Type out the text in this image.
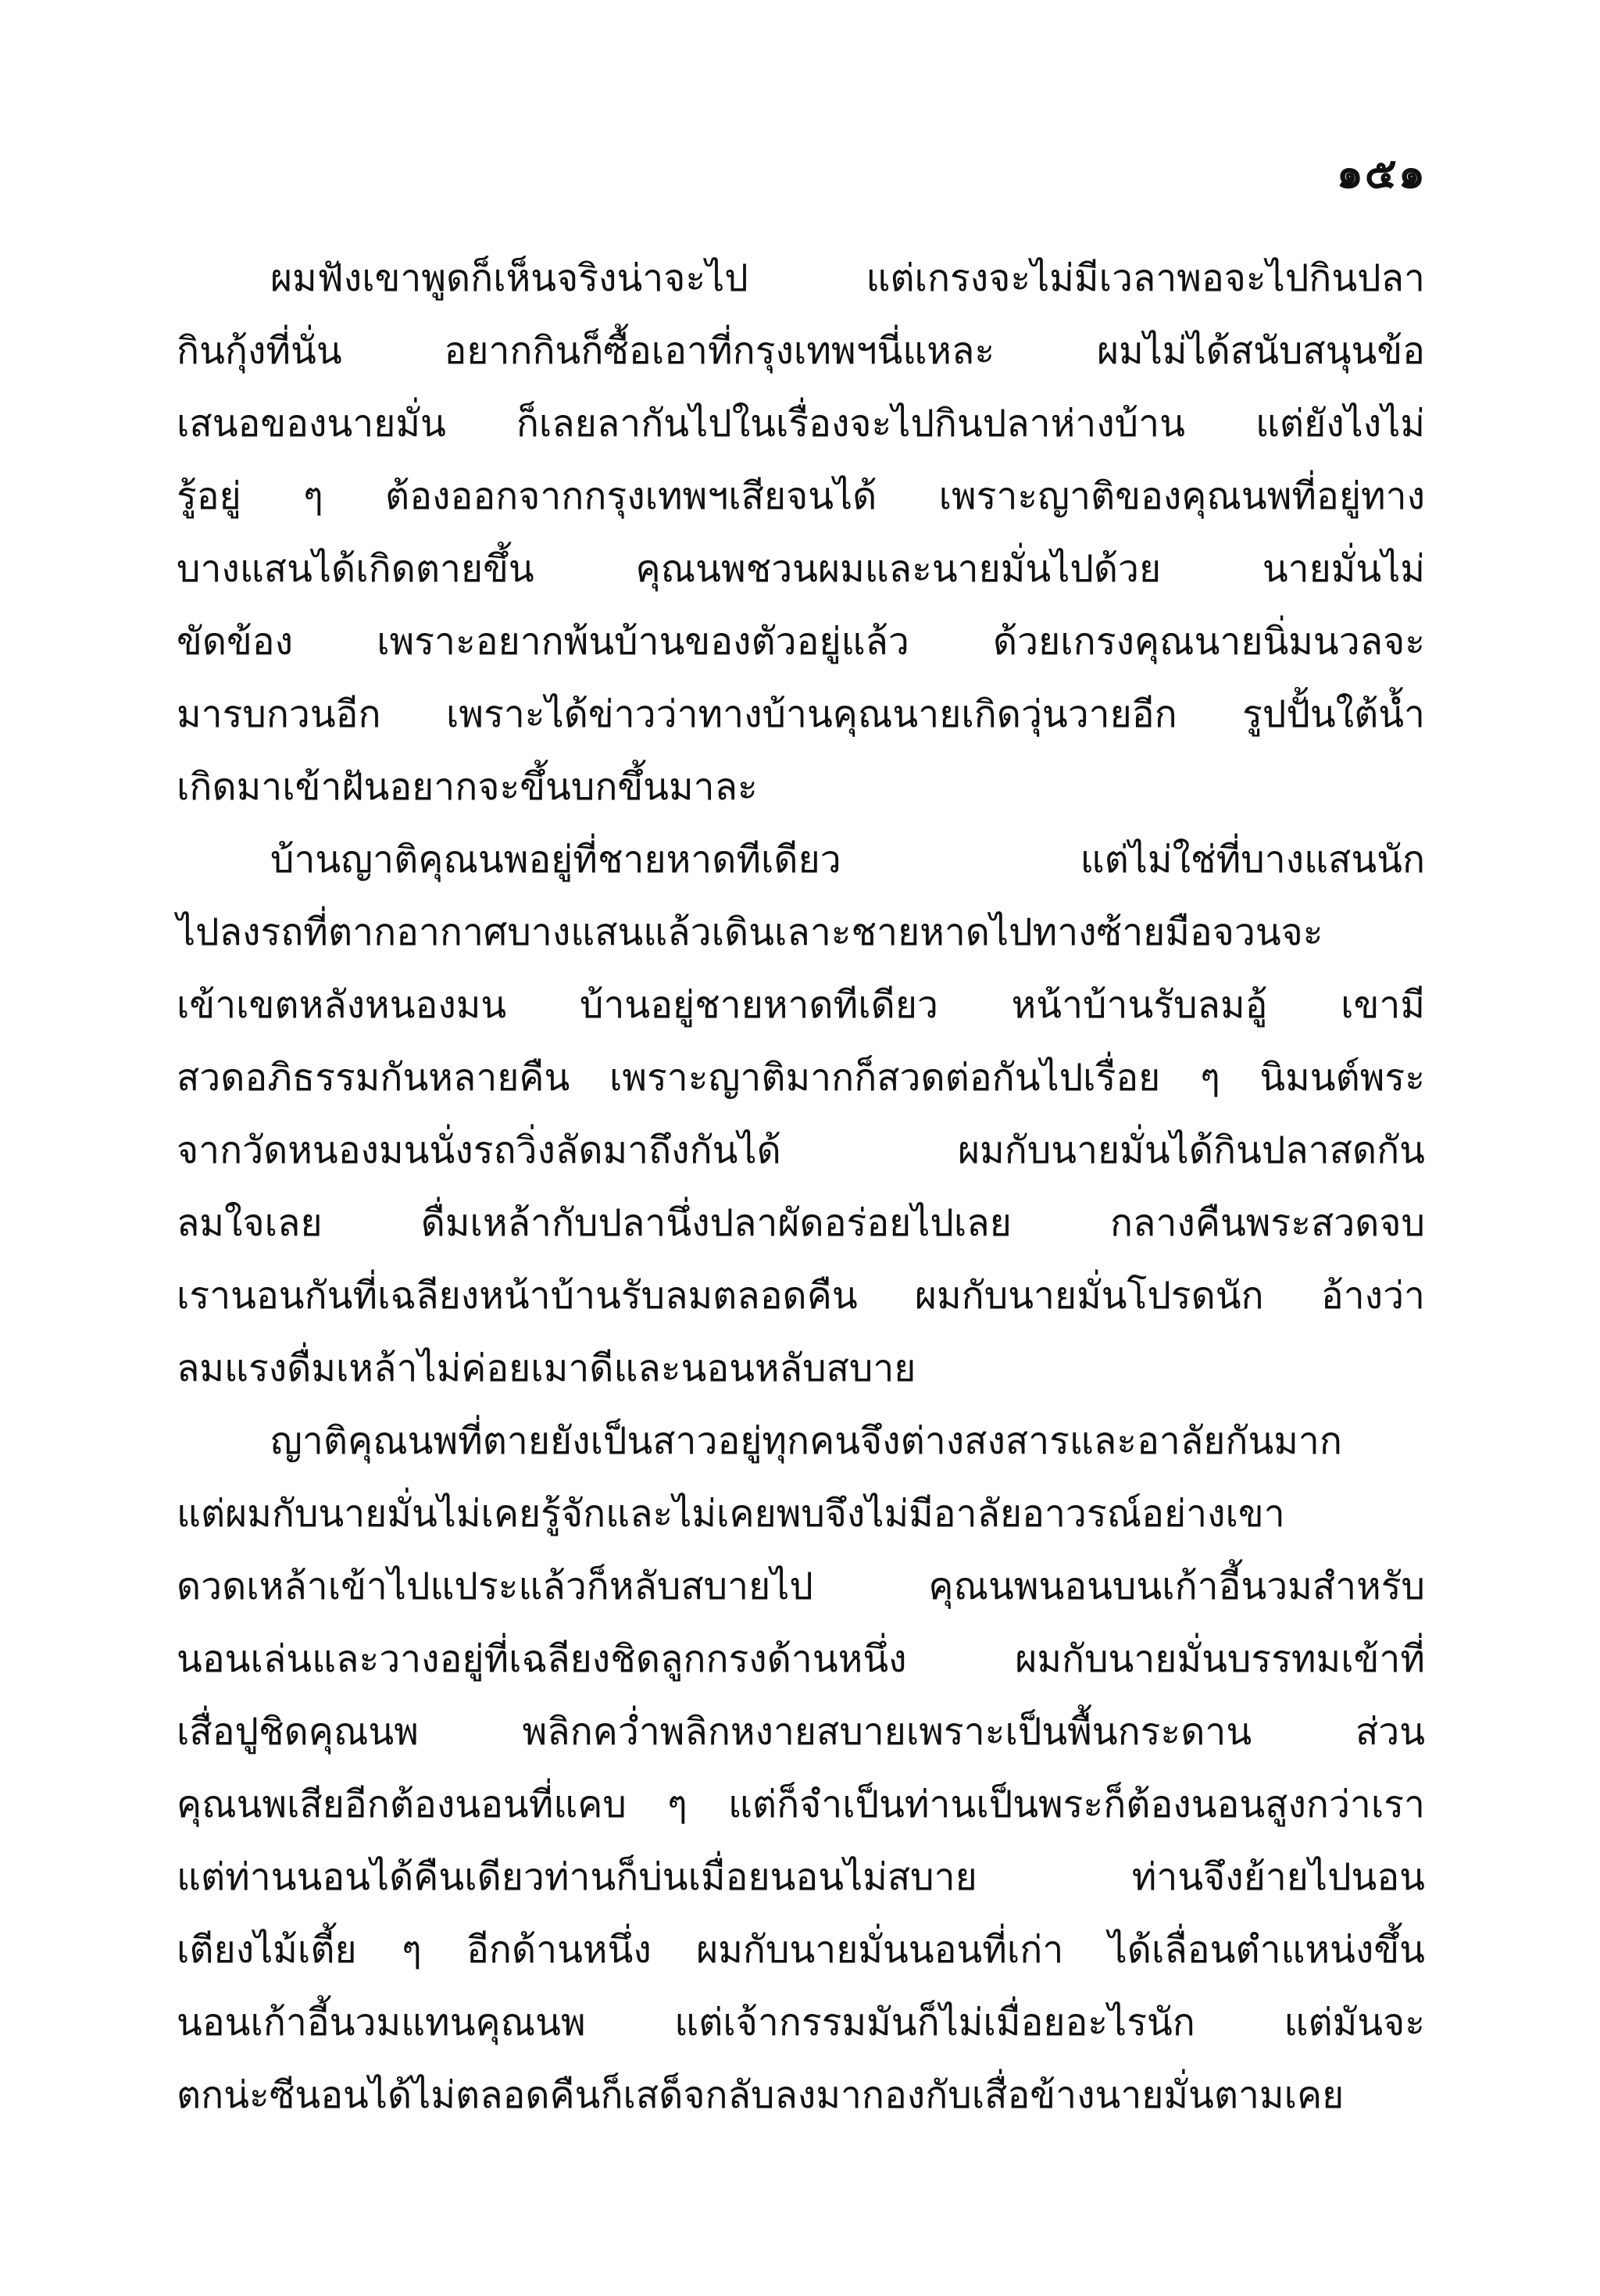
๑๕๑
ผมฟังเขาพูดก็เห็นจริงน่าจะไป แต่เกรงจะไม่มีเวลาพอจะไปกินปลา
กินกุ้งที่นั่น อยากกินก็ซื้อเอาที่กรุงเทพฯนี่แหละ ผมไม่ได้สนับสนุนข้อ
เสนอของนายมั่น ก็เลยลากันไปในเรื่องจะไปกินปลาห่างบ้าน แต่ยังไงไม่
รู้อยู่ ๆ ต้องออกจากกรุงเทพฯเสียจนได้ เพราะญาติของคุณนพที่อยู่ทาง
บางแสนได้เกิดตายขึ้น คุณนพชวนผมและนายมั่นไปด้วย นายมั่นไม่
ขัดข้อง เพราะอยากพ้นบ้านของตัวอยู่แล้ว ด้วยเกรงคุณนายนิ่มนวลจะ
มารบกวนอีก เพราะได้ข่าวว่าทางบ้านคุณนายเกิดวุ่นวายอีก รูปปั้นใต้น้ำ
เกิดมาเข้าฝันอยากจะขึ้นบกขึ้นมาละ
บ้านญาติคุณนพอยู่ที่ชายหาดทีเดียว แต่ไม่ใช่ที่บางแสนนัก
ไปลงรถที่ตากอากาศบางแสนแล้วเดินเลาะชายหาดไปทางซ้ายมือจวนจะ
เข้าเขตหลังหนองมน บ้านอยู่ชายหาดทีเดียว หน้าบ้านรับลมอู้ เขามี
สวดอภิธรรมกันหลายคืน เพราะญาติมากก็สวดต่อกันไปเรื่อย ๆ นิมนต์พระ
จากวัดหนองมนนั่งรถวิ่งลัดมาถึงกันได้ ผมกับนายมั่นได้กินปลาสดกัน
ลมใจเลย ดื่มเหล้ากับปลานึ่งปลาผัดอร่อยไปเลย กลางคืนพระสวดจบ
เรานอนกันที่เฉลียงหน้าบ้านรับลมตลอดคืน ผมกับนายมั่นโปรดนัก อ้างว่า
ลมแรงดื่มเหล้าไม่ค่อยเมาดีและนอนหลับสบาย
ญาติคุณนพที่ตายยังเป็นสาวอยู่ทุกคนจึงต่างสงสารและอาลัยกันมาก
แต่ผมกับนายมั่นไม่เคยรู้จักและไม่เคยพบจึงไม่มีอาลัยอาวรณ์อย่างเขา
ดวดเหล้าเข้าไปแประแล้วก็หลับสบายไป คุณนพนอนบนเก้าอี้นวมสำหรับ
นอนเล่นและวางอยู่ที่เฉลียงชิดลูกกรงด้านหนึ่ง ผมกับนายมั่นบรรทมเข้าที่
เสื่อปูชิดคุณนพ พลิกคว่ำพลิกหงายสบายเพราะเป็นพื้นกระดาน ส่วน
คุณนพเสียอีกต้องนอนที่แคบ ๆ แต่ก็จำเป็นท่านเป็นพระก็ต้องนอนสูงกว่าเรา
แต่ท่านนอนได้คืนเดียวท่านก็บ่นเมื่อยนอนไม่สบาย ท่านจึงย้ายไปนอน
เตียงไม้เตี้ย ๆ อีกด้านหนึ่ง ผมกับนายมั่นนอนที่เก่า ได้เลื่อนตำแหน่งขึ้น
นอนเก้าอี้นวมแทนคุณนพ แต่เจ้ากรรมมันก็ไม่เมื่อยอะไรนัก แต่มันจะ
ตกน่ะซีนอนได้ไม่ตลอดคืนก็เสด็จกลับลงมากองกับเสื่อข้างนายมั่นตามเคย
